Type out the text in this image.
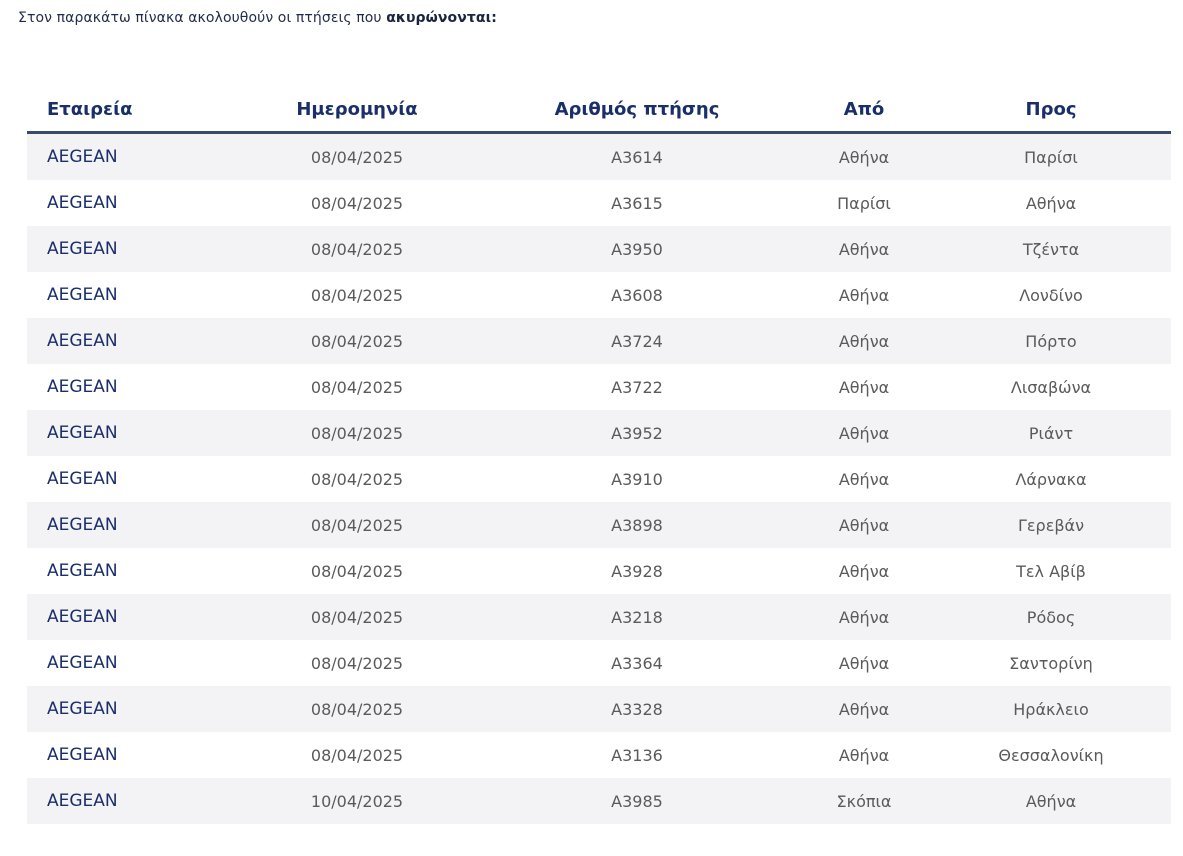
Στον παρακάτω πίνακα ακολουθούν οι πτήσεις που ακυρώνονται:
Εταιρεία	Ημερομηνία	Αριθμός πτήσης	Από	Προς
AEGEAN	08/04/2025	A3614	Αθήνα	Παρίσι
AEGEAN	08/04/2025	A3615	Παρίσι	Αθήνα
AEGEAN	08/04/2025	A3950	Αθήνα	Τζέντα
AEGEAN	08/04/2025	A3608	Αθήνα	Λονδίνο
AEGEAN	08/04/2025	A3724	Αθήνα	Πόρτο
AEGEAN	08/04/2025	A3722	Αθήνα	Λισαβώνα
AEGEAN	08/04/2025	A3952	Αθήνα	Ριάντ
AEGEAN	08/04/2025	A3910	Αθήνα	Λάρνακα
AEGEAN	08/04/2025	A3898	Αθήνα	Γερεβάν
AEGEAN	08/04/2025	A3928	Αθήνα	Τελ Αβίβ
AEGEAN	08/04/2025	A3218	Αθήνα	Ρόδος
AEGEAN	08/04/2025	A3364	Αθήνα	Σαντορίνη
AEGEAN	08/04/2025	A3328	Αθήνα	Ηράκλειο
AEGEAN	08/04/2025	A3136	Αθήνα	Θεσσαλονίκη
AEGEAN	10/04/2025	A3985	Σκόπια	Αθήνα
